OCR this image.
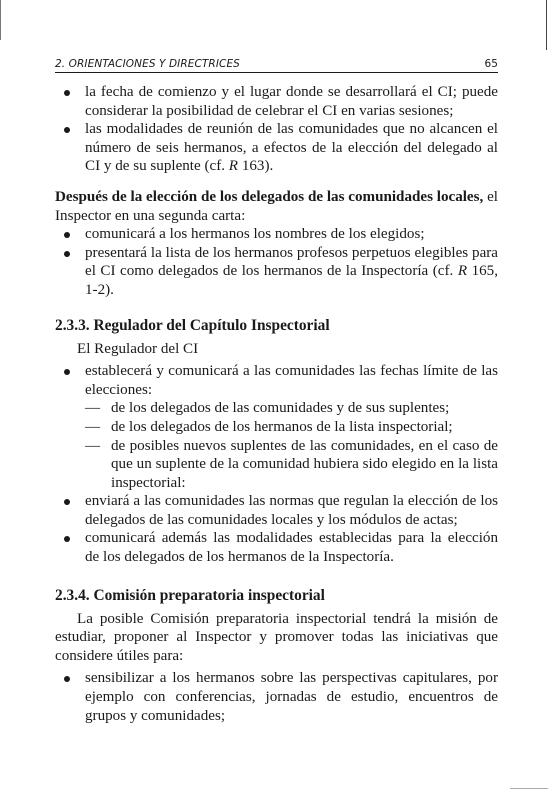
2. ORIENTACIONES Y DIRECTRICES	65
la fecha de comienzo y el lugar donde se desarrollará el CI; puede considerar la posibilidad de celebrar el CI en varias sesiones;
las modalidades de reunión de las comunidades que no alcancen el número de seis hermanos, a efectos de la elección del delegado al CI y de su suplente (cf. R 163).

Después de la elección de los delegados de las comunidades locales, el Inspector en una segunda carta:

comunicará a los hermanos los nombres de los elegidos;
presentará la lista de los hermanos profesos perpetuos elegibles para el CI como delegados de los hermanos de la Inspectoría (cf. R 165, 1-2).
2.3.3. Regulador del Capítulo Inspectorial

El Regulador del CI

establecerá y comunicará a las comunidades las fechas límite de las elecciones:
— de los delegados de las comunidades y de sus suplentes;
— de los delegados de los hermanos de la lista inspectorial;
— de posibles nuevos suplentes de las comunidades, en el caso de que un suplente de la comunidad hubiera sido elegido en la lista inspectorial:
enviará a las comunidades las normas que regulan la elección de los delegados de las comunidades locales y los módulos de actas;
comunicará además las modalidades establecidas para la elección de los delegados de los hermanos de la Inspectoría.
2.3.4. Comisión preparatoria inspectorial

La posible Comisión preparatoria inspectorial tendrá la misión de estudiar, proponer al Inspector y promover todas las iniciativas que considere útiles para:

sensibilizar a los hermanos sobre las perspectivas capitulares, por ejemplo con conferencias, jornadas de estudio, encuentros de grupos y comunidades;
